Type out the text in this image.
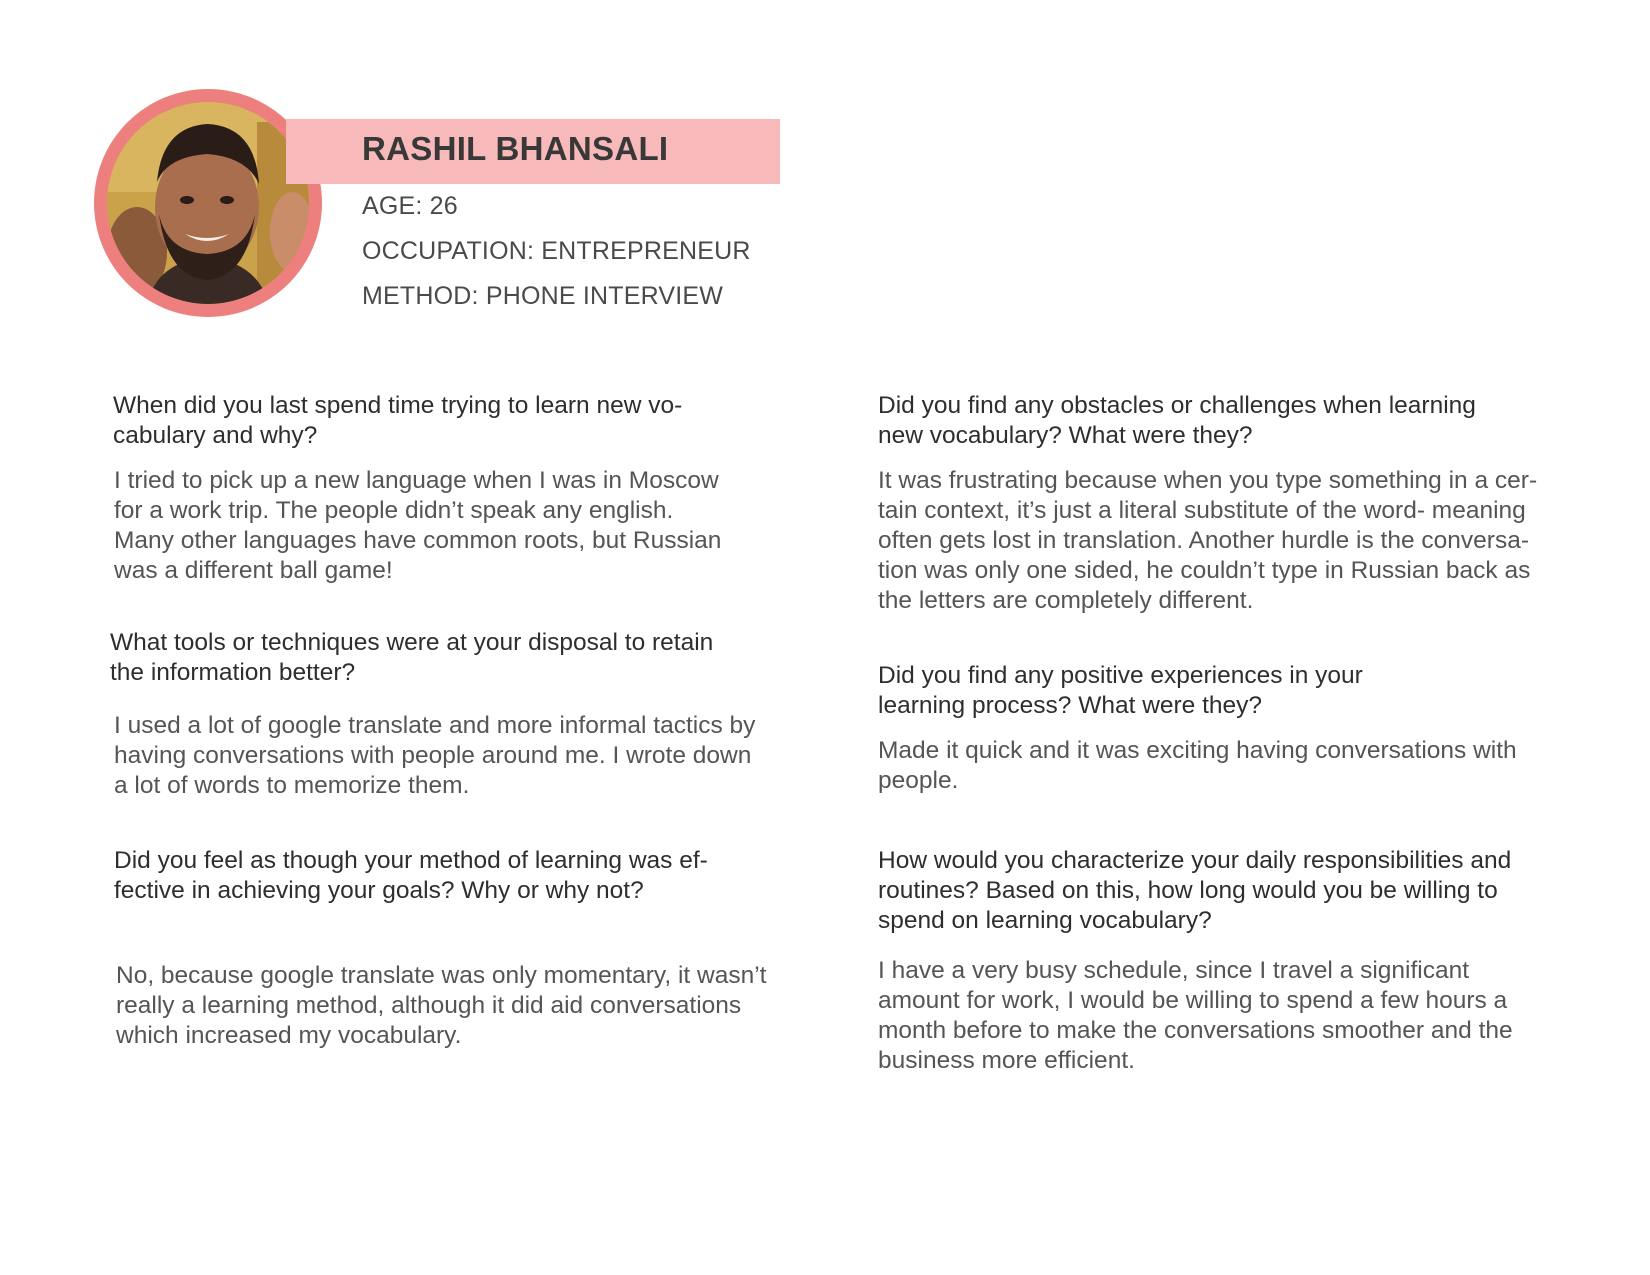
RASHIL BHANSALI
AGE: 26
OCCUPATION: ENTREPRENEUR
METHOD: PHONE INTERVIEW
When did you last spend time trying to learn new vo-
cabulary and why?
I tried to pick up a new language when I was in Moscow
for a work trip. The people didn’t speak any english.
Many other languages have common roots, but Russian
was a different ball game!
What tools or techniques were at your disposal to retain
the information better?
I used a lot of google translate and more informal tactics by
having conversations with people around me. I wrote down
a lot of words to memorize them.
Did you feel as though your method of learning was ef-
fective in achieving your goals? Why or why not?
No, because google translate was only momentary, it wasn’t
really a learning method, although it did aid conversations
which increased my vocabulary.
Did you find any obstacles or challenges when learning
new vocabulary? What were they?
It was frustrating because when you type something in a cer-
tain context, it’s just a literal substitute of the word- meaning
often gets lost in translation. Another hurdle is the conversa-
tion was only one sided, he couldn’t type in Russian back as
the letters are completely different.
Did you find any positive experiences in your
learning process? What were they?
Made it quick and it was exciting having conversations with
people.
How would you characterize your daily responsibilities and
routines? Based on this, how long would you be willing to
spend on learning vocabulary?
I have a very busy schedule, since I travel a significant
amount for work, I would be willing to spend a few hours a
month before to make the conversations smoother and the
business more efficient.
